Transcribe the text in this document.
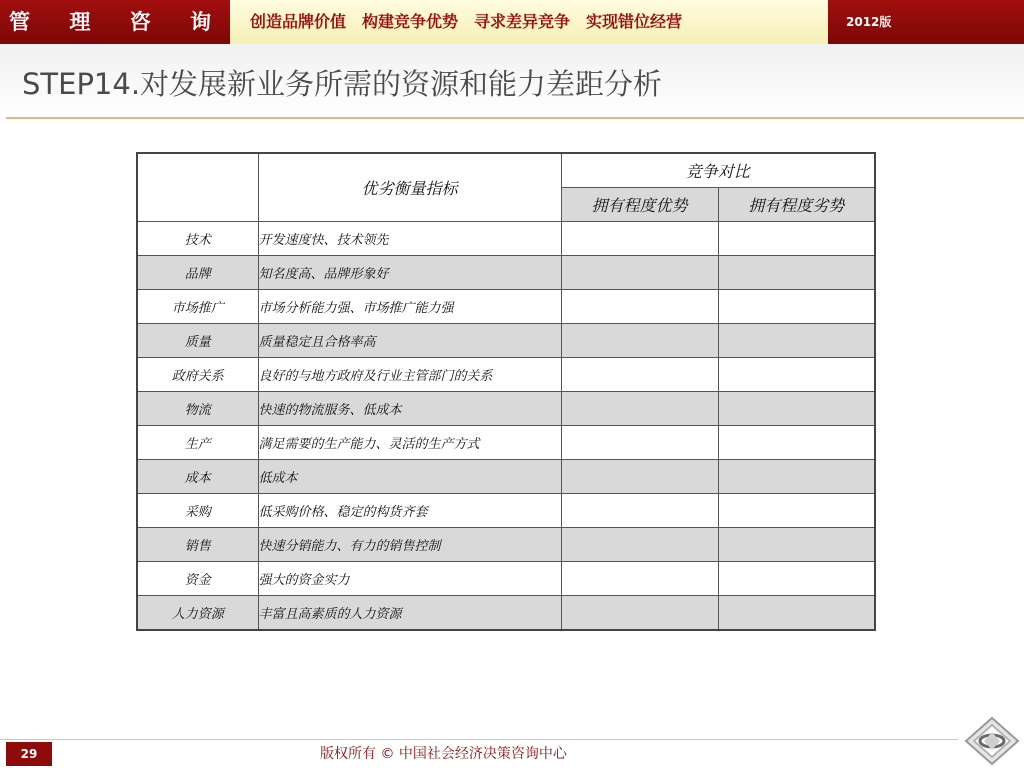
管 理 咨 询	创造品牌价值　构建竞争优势　寻求差异竞争　实现错位经营	2012版
STEP14.对发展新业务所需的资源和能力差距分析
	优劣衡量指标	竞争对比	
		拥有程度优势	拥有程度劣势
技术	开发速度快、技术领先		
品牌	知名度高、品牌形象好		
市场推广	市场分析能力强、市场推广能力强		
质量	质量稳定且合格率高		
政府关系	良好的与地方政府及行业主管部门的关系		
物流	快速的物流服务、低成本		
生产	满足需要的生产能力、灵活的生产方式		
成本	低成本		
采购	低采购价格、稳定的构货齐套		
销售	快速分销能力、有力的销售控制		
资金	强大的资金实力		
人力资源	丰富且高素质的人力资源		
29	版权所有 © 中国社会经济决策咨询中心
